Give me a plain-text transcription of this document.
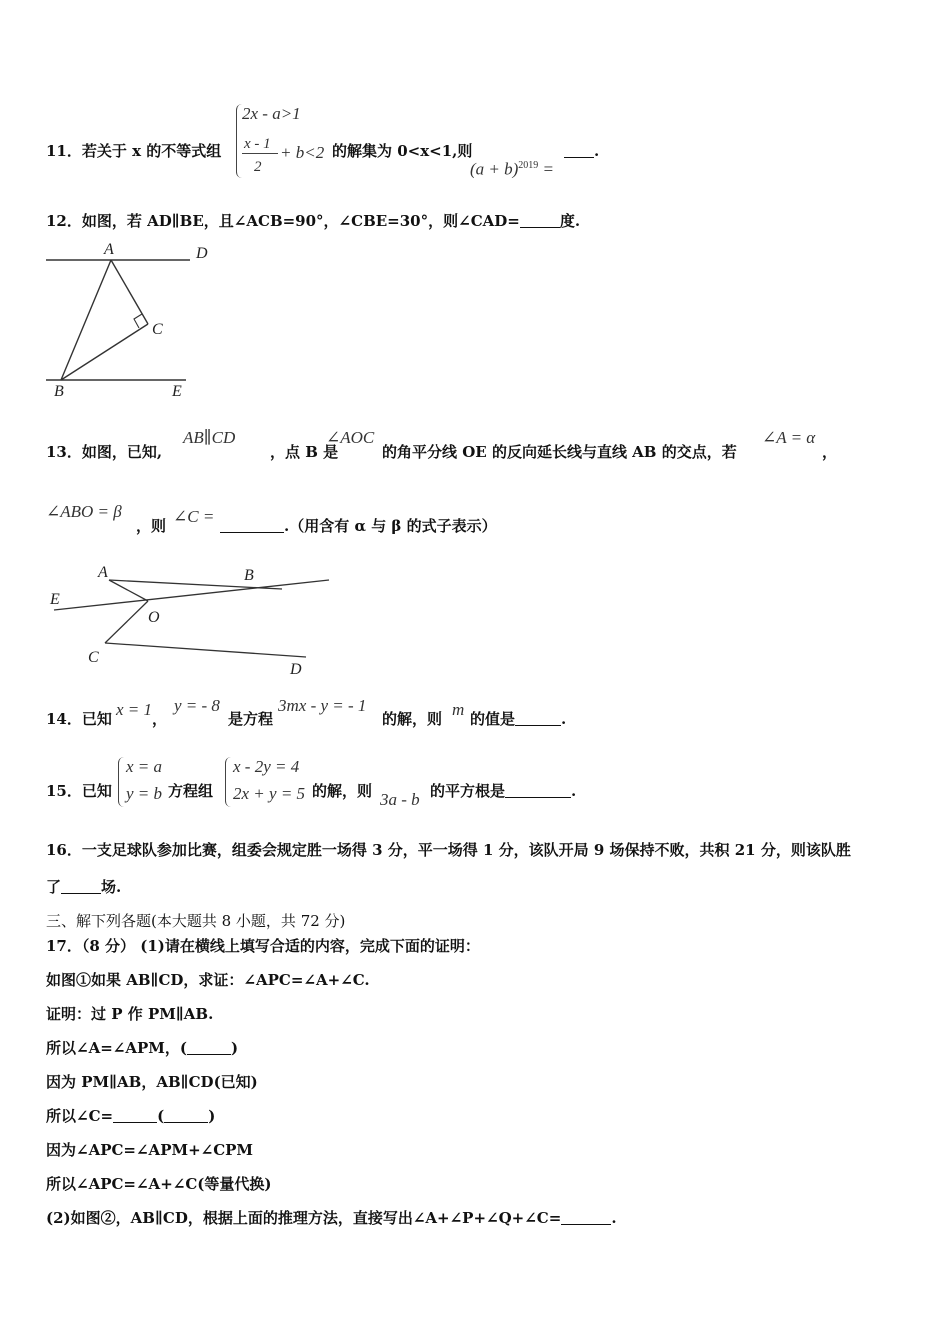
11．若关于 x 的不等式组
2x - a>1
x - 1
2
+ b<2 的解集为 0<x<1,则
$(a + b)^{2019}$ =
.
12．如图，若 AD∥BE，且∠ACB=90°，∠CBE=30°，则∠CAD=	度.
A	D
C
B	E
13．如图，已知,
AB∥CD
，点 B 是
∠AOC
的角平分线 OE 的反向延长线与直线 AB 的交点，若
∠A = α
，
∠ABO = β
，则 ∠C =	.（用含有 α 与 β 的式子表示）
A	B
E
O
C
D
14．已知 x = 1 ，
y = - 8
是方程
3mx - y = - 1
的解，则 m 的值是	.
15．已知
x = a
y = b 方程组
x - 2y = 4
2x + y = 5 的解，则 3a - b 的平方根是	.
16．一支足球队参加比赛，组委会规定胜一场得 3 分，平一场得 1 分，该队开局 9 场保持不败，共积 21 分，则该队胜
了	场.
三、解下列各题(本大题共 8 小题，共 72 分)
17．（8 分） (1)请在横线上填写合适的内容，完成下面的证明：
如图①如果 AB∥CD，求证：∠APC=∠A+∠C.
证明：过 P 作 PM∥AB.
所以∠A=∠APM，(	)
因为 PM∥AB，AB∥CD(已知)
所以∠C=	(	)
因为∠APC=∠APM+∠CPM
所以∠APC=∠A+∠C(等量代换)
(2)如图②，AB∥CD，根据上面的推理方法，直接写出∠A+∠P+∠Q+∠C=	.
